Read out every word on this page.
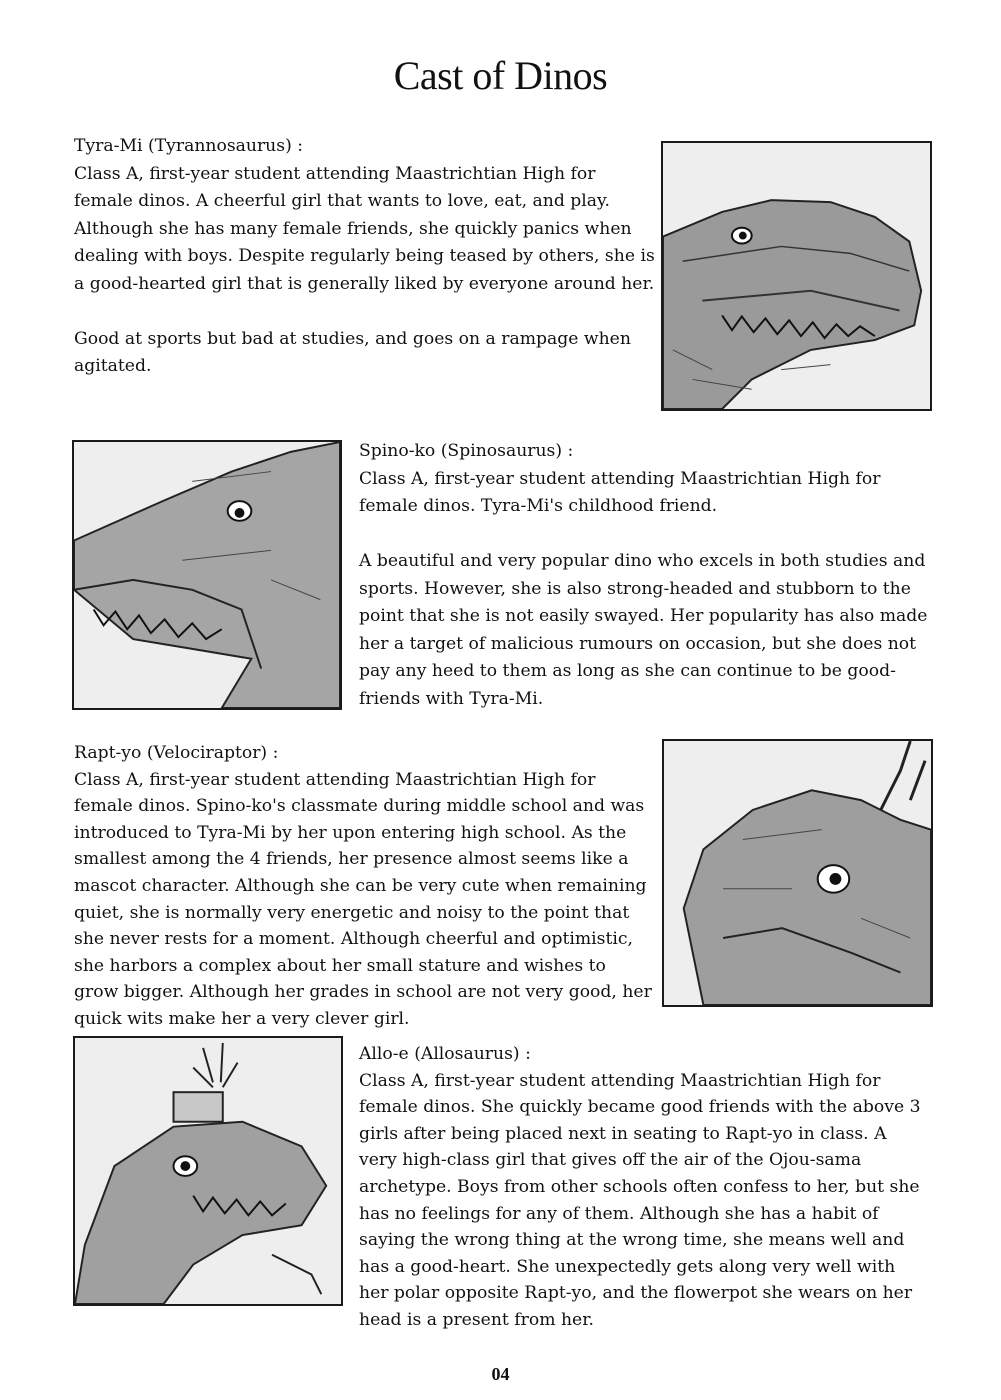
Cast of Dinos

Tyra-Mi (Tyrannosaurus) :

Class A, first-year student attending Maastrichtian High for female dinos. A cheerful girl that wants to love, eat, and play. Although she has many female friends, she quickly panics when dealing with boys. Despite regularly being teased by others, she is a good-hearted girl that is generally liked by everyone around her.

Good at sports but bad at studies, and goes on a rampage when agitated.

Spino-ko (Spinosaurus) :

Class A, first-year student attending Maastrichtian High for female dinos. Tyra-Mi's childhood friend.

A beautiful and very popular dino who excels in both studies and sports. However, she is also strong-headed and stubborn to the point that she is not easily swayed. Her popularity has also made her a target of malicious rumours on occasion, but she does not pay any heed to them as long as she can continue to be good-friends with Tyra-Mi.

Rapt-yo (Velociraptor) :

Class A, first-year student attending Maastrichtian High for female dinos. Spino-ko's classmate during middle school and was introduced to Tyra-Mi by her upon entering high school. As the smallest among the 4 friends, her presence almost seems like a mascot character. Although she can be very cute when remaining quiet, she is normally very energetic and noisy to the point that she never rests for a moment. Although cheerful and optimistic, she harbors a complex about her small stature and wishes to grow bigger. Although her grades in school are not very good, her quick wits make her a very clever girl.

Allo-e (Allosaurus) :

Class A, first-year student attending Maastrichtian High for female dinos. She quickly became good friends with the above 3 girls after being placed next in seating to Rapt-yo in class. A very high-class girl that gives off the air of the Ojou-sama archetype. Boys from other schools often confess to her, but she has no feelings for any of them. Although she has a habit of saying the wrong thing at the wrong time, she means well and has a good-heart. She unexpectedly gets along very well with her polar opposite Rapt-yo, and the flowerpot she wears on her head is a present from her.

04
